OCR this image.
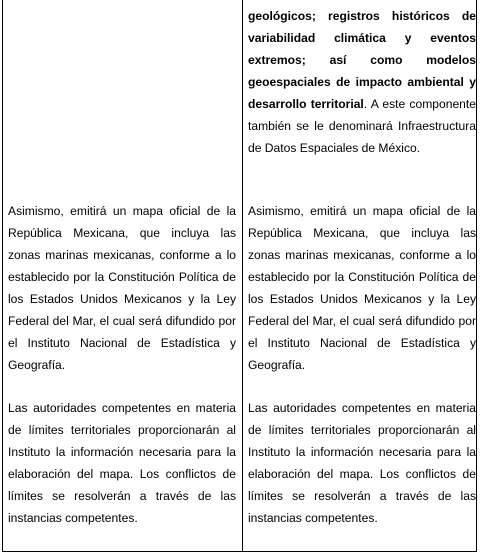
geológicos; registros históricos de variabilidad climática y eventos extremos; así como modelos geoespaciales de impacto ambiental y desarrollo territorial. A este componente también se le denominará Infraestructura de Datos Espaciales de México.

Asimismo, emitirá un mapa oficial de la República Mexicana, que incluya las zonas marinas mexicanas, conforme a lo establecido por la Constitución Política de los Estados Unidos Mexicanos y la Ley Federal del Mar, el cual será difundido por el Instituto Nacional de Estadística y Geografía.

Asimismo, emitirá un mapa oficial de la República Mexicana, que incluya las zonas marinas mexicanas, conforme a lo establecido por la Constitución Política de los Estados Unidos Mexicanos y la Ley Federal del Mar, el cual será difundido por el Instituto Nacional de Estadística y Geografía.

Las autoridades competentes en materia de límites territoriales proporcionarán al Instituto la información necesaria para la elaboración del mapa. Los conflictos de límites se resolverán a través de las instancias competentes.

Las autoridades competentes en materia de límites territoriales proporcionarán al Instituto la información necesaria para la elaboración del mapa. Los conflictos de límites se resolverán a través de las instancias competentes.
